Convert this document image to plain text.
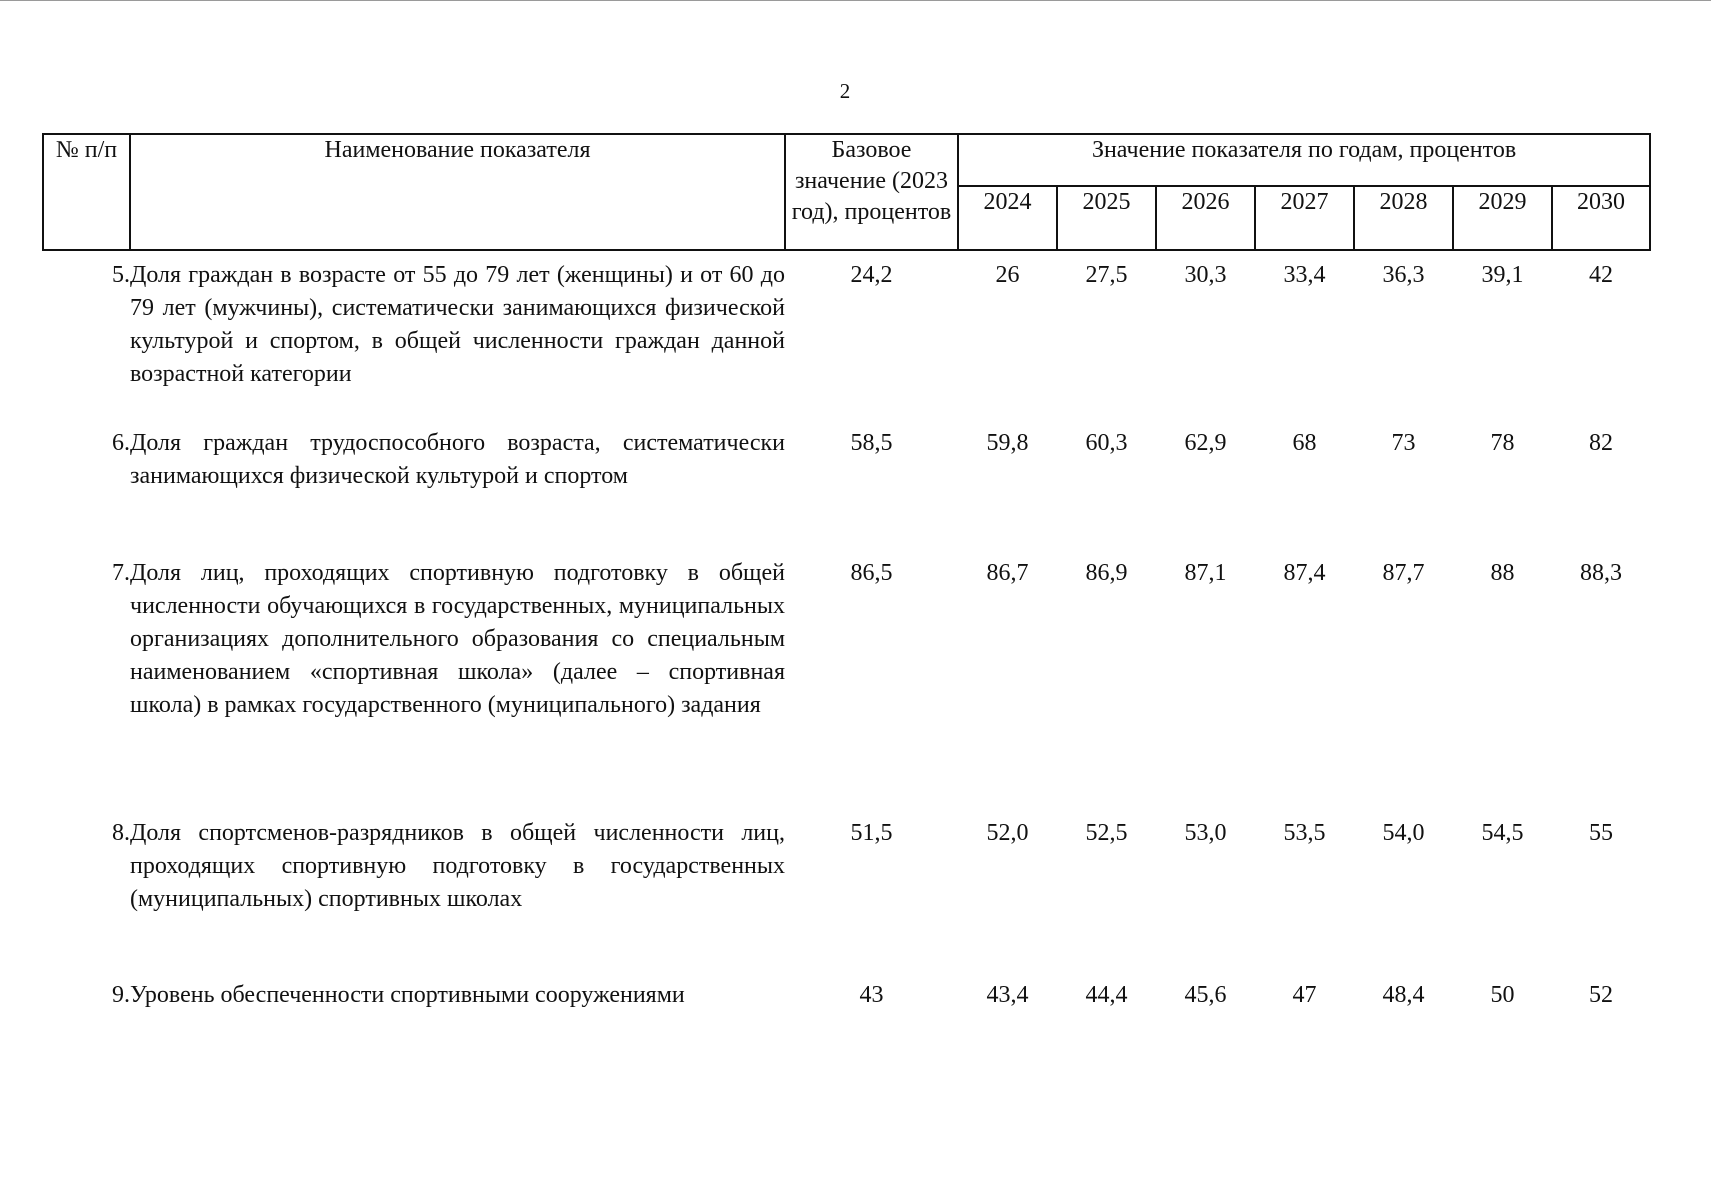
2
№ п/п	Наименование показателя	Базовое значение (2023 год), процентов	Значение показателя по годам, процентов						
			2024	2025	2026	2027	2028	2029	2030
5.	Доля граждан в возрасте от 55 до 79 лет (женщины) и от 60 до 79 лет (мужчины), систематически занимающихся физической культурой и спортом, в общей численности граждан данной возрастной категории	24,2	26	27,5	30,3	33,4	36,3	39,1	42
6.	Доля граждан трудоспособного возраста, систематически занимающихся физической культурой и спортом	58,5	59,8	60,3	62,9	68	73	78	82
7.	Доля лиц, проходящих спортивную подготовку в общей численности обучающихся в государственных, муниципальных организациях дополнительного образования со специальным наименованием «спортивная школа» (далее – спортивная школа) в рамках государственного (муниципального) задания	86,5	86,7	86,9	87,1	87,4	87,7	88	88,3
8.	Доля спортсменов-разрядников в общей численности лиц, проходящих спортивную подготовку в государственных (муниципальных) спортивных школах	51,5	52,0	52,5	53,0	53,5	54,0	54,5	55
9.	Уровень обеспеченности спортивными сооружениями	43	43,4	44,4	45,6	47	48,4	50	52
